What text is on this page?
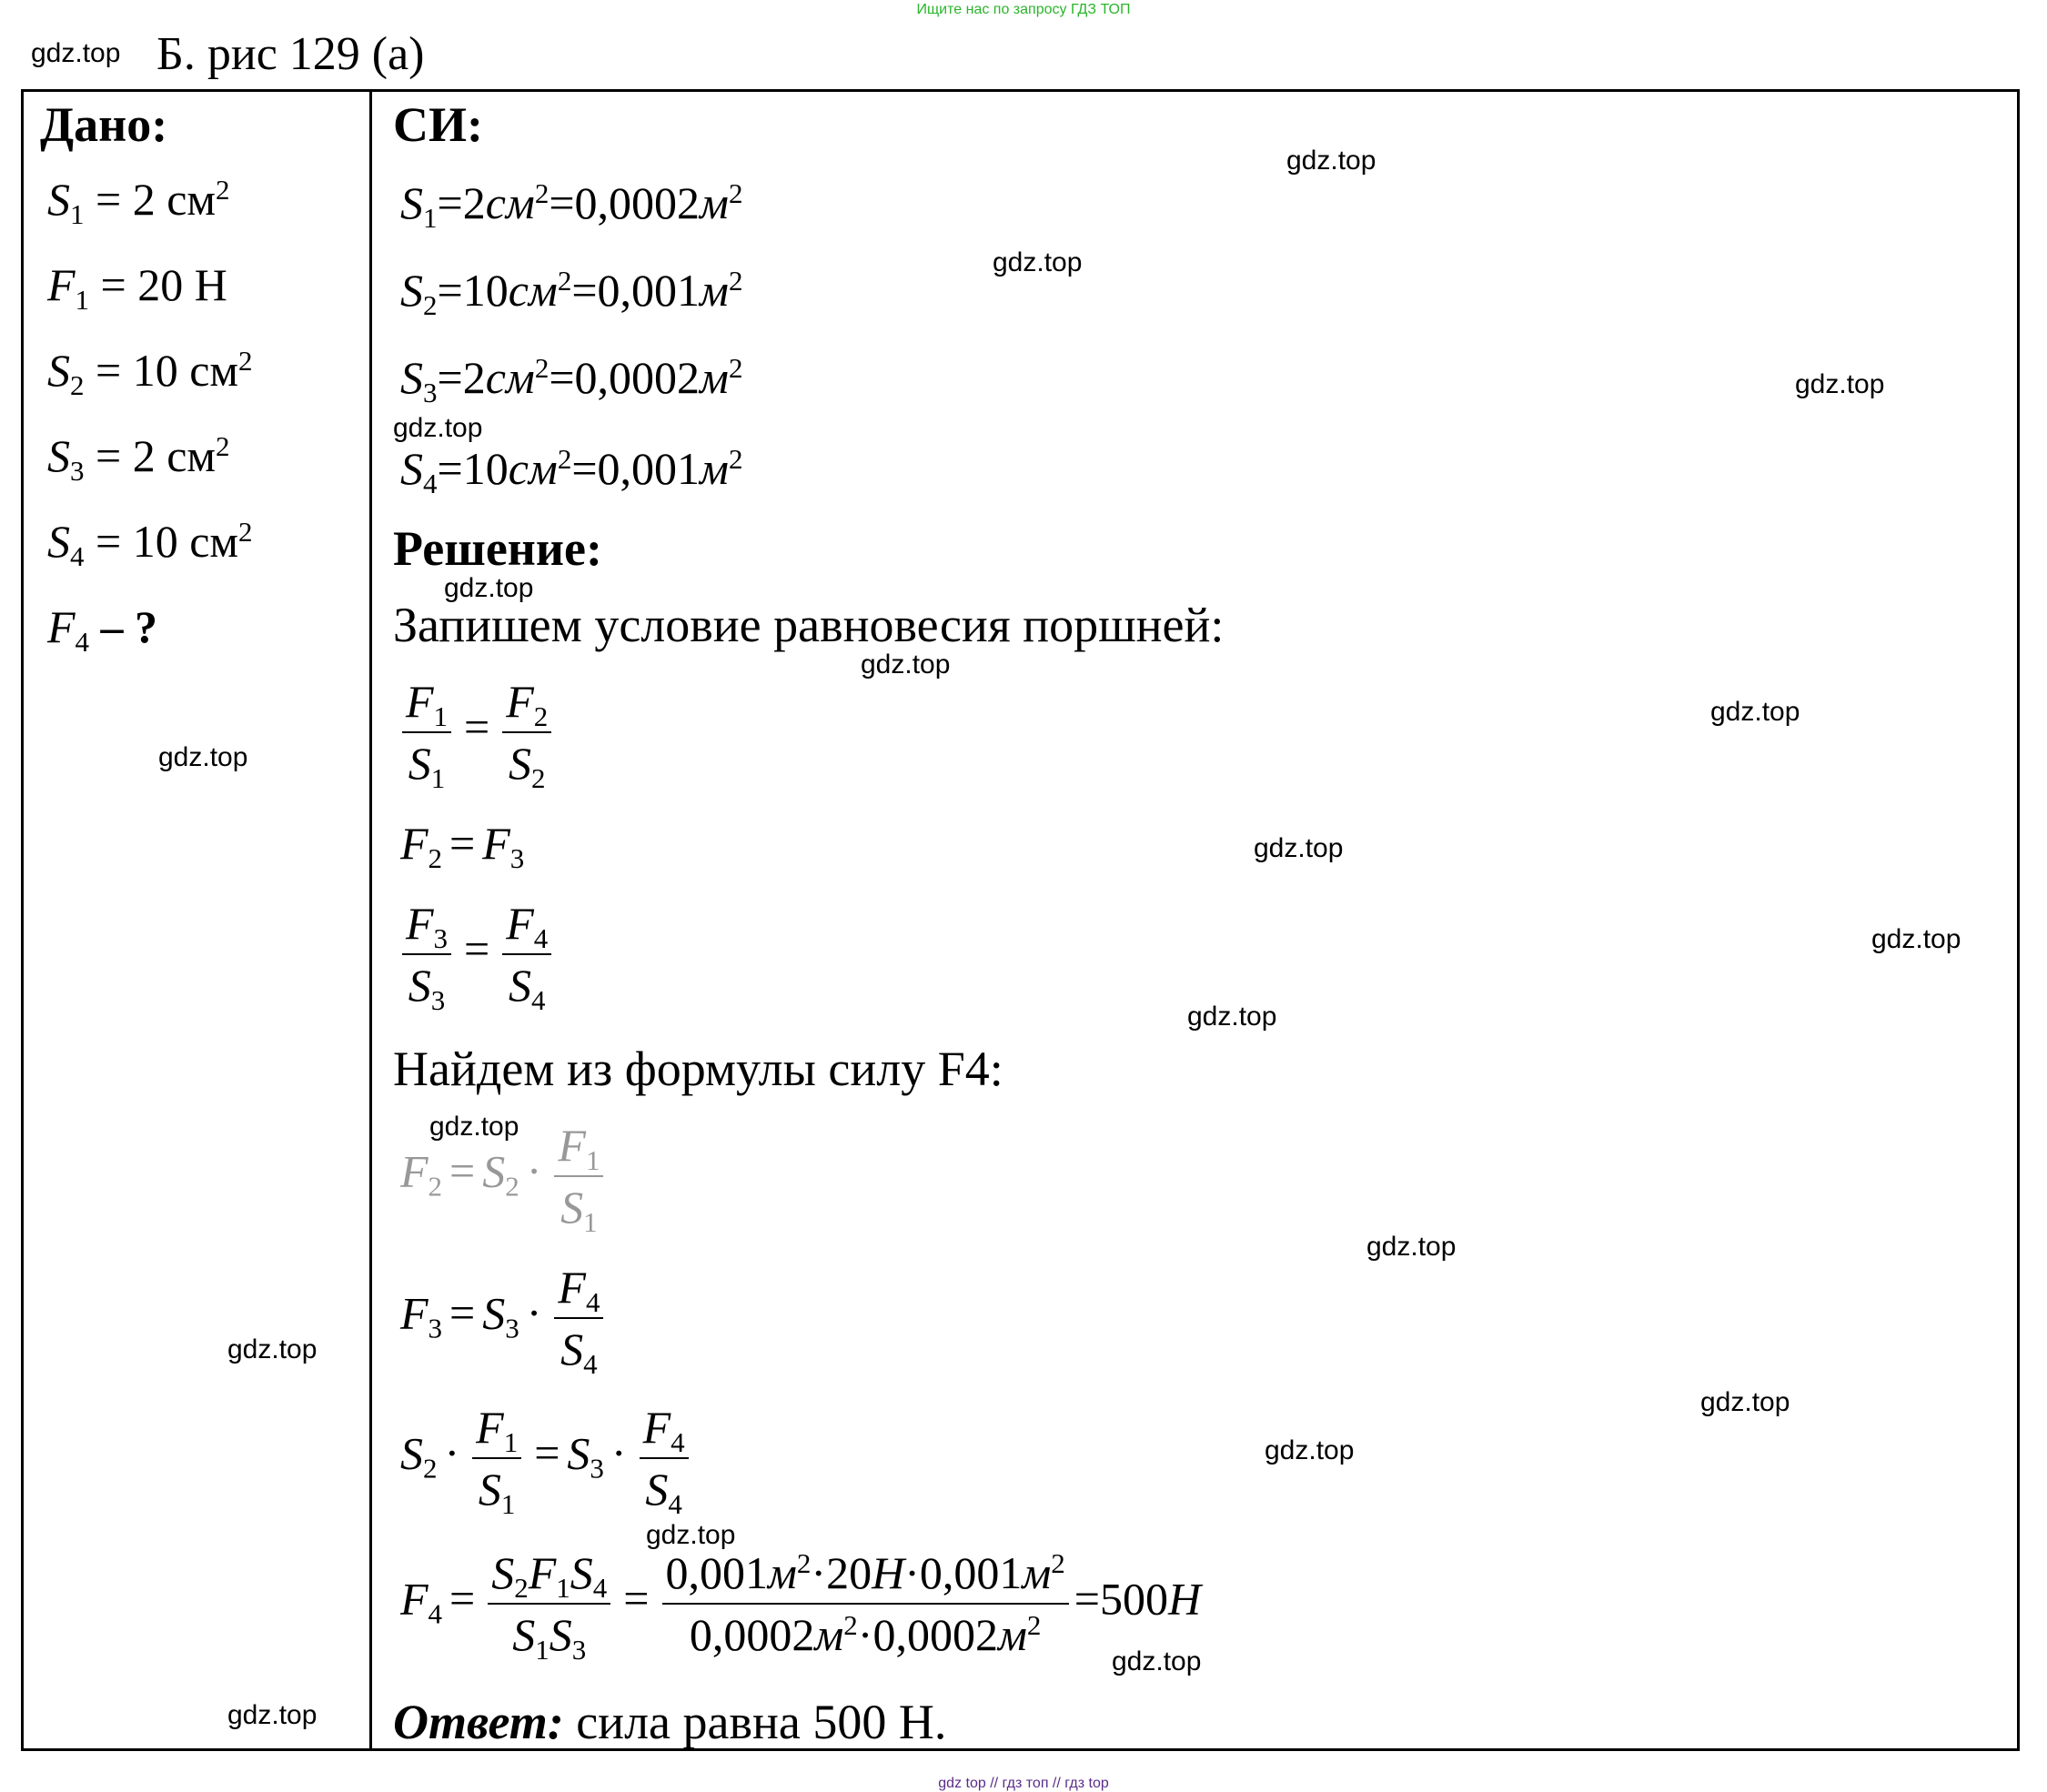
Ищите нас по запросу ГДЗ ТОП
gdz.top Б. рис 129 (а)
Дано:
$S_1 = 2$ $см^2$
$F_1 = 20$ Н
$S_2 = 10$ $см^2$
$S_3 = 2$ $см^2$
$S_4 = 10$ $см^2$
$F_4$ – ?
СИ:
$S_1=2см^2=0,0002м^2$
$S_2=10см^2=0,001м^2$
$S_3=2см^2=0,0002м^2$
$S_4=10см^2=0,001м^2$
Решение:
Запишем условие равновесия поршней:
$\frac{F_1}{S_1} = \frac{F_2}{S_2}$
$F_2 = F_3$
$\frac{F_3}{S_3} = \frac{F_4}{S_4}$
Найдем из формулы силу F4:
$F_2 = S_2 \cdot \frac{F_1}{S_1}$
$F_3 = S_3 \cdot \frac{F_4}{S_4}$
$S_2 \cdot \frac{F_1}{S_1} = S_3 \cdot \frac{F_4}{S_4}$
$F_4 = \frac{S_2F_1S_4}{S_1S_3} = \frac{0,001м^2\cdot 20H\cdot 0,001м^2}{0,0002м^2\cdot 0,0002м^2} =500H$
Ответ: сила равна 500 Н.
gdz.top
gdz.top
gdz.top
gdz.top
gdz.top
gdz.top
gdz.top
gdz.top
gdz.top
gdz.top
gdz.top
gdz.top
gdz.top
gdz.top
gdz.top
gdz.top
gdz.top
gdz.top
gdz.top
gdz top // гдз топ // гдз top
